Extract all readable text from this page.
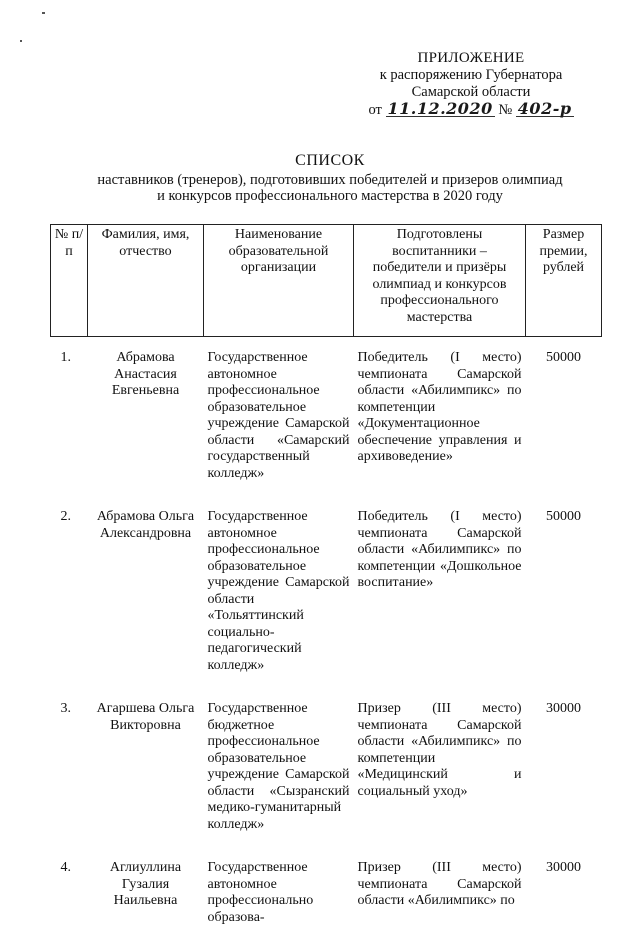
ПРИЛОЖЕНИЕ
к распоряжению Губернатора
Самарской области
от 11.12.2020 № 402-р
СПИСОК
наставников (тренеров), подготовивших победителей и призеров олимпиад
и конкурсов профессионального мастерства в 2020 году
№ п/п	Фамилия, имя, отчество	Наименование образовательной организации	Подготовлены воспитанники – победители и призёры олимпиад и конкурсов профессионального мастерства	Размер премии, рублей
1.	Абрамова Анастасия Евгеньевна	Государственное автономное профессиональное образовательное учреждение Самарской области «Самарский государственный колледж»	Победитель (I место) чемпионата Самарской области «Абилимпикс» по компетенции «Документационное обеспечение управления и архивоведение»	50000
2.	Абрамова Ольга Александровна	Государственное автономное профессиональное образовательное учреждение Самарской области «Тольяттинский социально-педагогический колледж»	Победитель (I место) чемпионата Самарской области «Абилимпикс» по компетенции «Дошкольное воспитание»	50000
3.	Агаршева Ольга Викторовна	Государственное бюджетное профессиональное образовательное учреждение Самарской области «Сызранский медико-гуманитарный колледж»	Призер (III место) чемпионата Самарской области «Абилимпикс» по компетенции «Медицинский и социальный уход»	30000
4.	Аглиуллина Гузалия Наильевна	Государственное автономное профессионально образова-	Призер (III место) чемпионата Самарской области «Абилимпикс» по	30000
